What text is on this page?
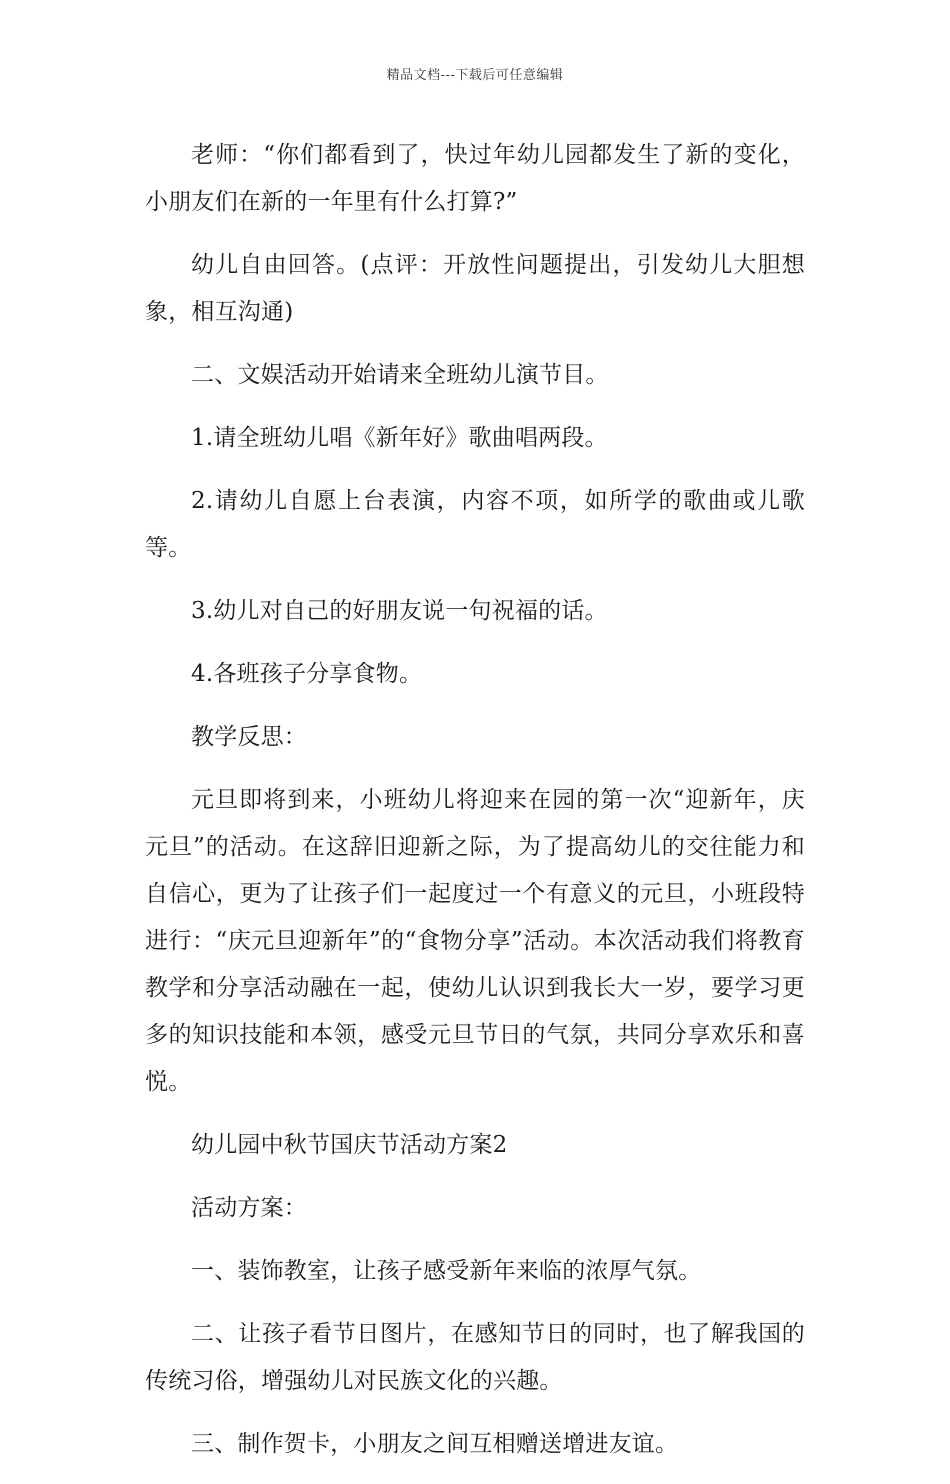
精品文档---下载后可任意编辑

老师：“你们都看到了，快过年幼儿园都发生了新的变化，小朋友们在新的一年里有什么打算?”

幼儿自由回答。(点评：开放性问题提出，引发幼儿大胆想象，相互沟通)

二、文娱活动开始请来全班幼儿演节目。

1.请全班幼儿唱《新年好》歌曲唱两段。

2.请幼儿自愿上台表演，内容不项，如所学的歌曲或儿歌等。

3.幼儿对自己的好朋友说一句祝福的话。

4.各班孩子分享食物。

教学反思：

元旦即将到来，小班幼儿将迎来在园的第一次“迎新年，庆元旦”的活动。在这辞旧迎新之际，为了提高幼儿的交往能力和自信心，更为了让孩子们一起度过一个有意义的元旦，小班段特进行：“庆元旦迎新年”的“食物分享”活动。本次活动我们将教育教学和分享活动融在一起，使幼儿认识到我长大一岁，要学习更多的知识技能和本领，感受元旦节日的气氛，共同分享欢乐和喜悦。

幼儿园中秋节国庆节活动方案2

活动方案：

一、装饰教室，让孩子感受新年来临的浓厚气氛。

二、让孩子看节日图片，在感知节日的同时，也了解我国的传统习俗，增强幼儿对民族文化的兴趣。

三、制作贺卡，小朋友之间互相赠送增进友谊。
